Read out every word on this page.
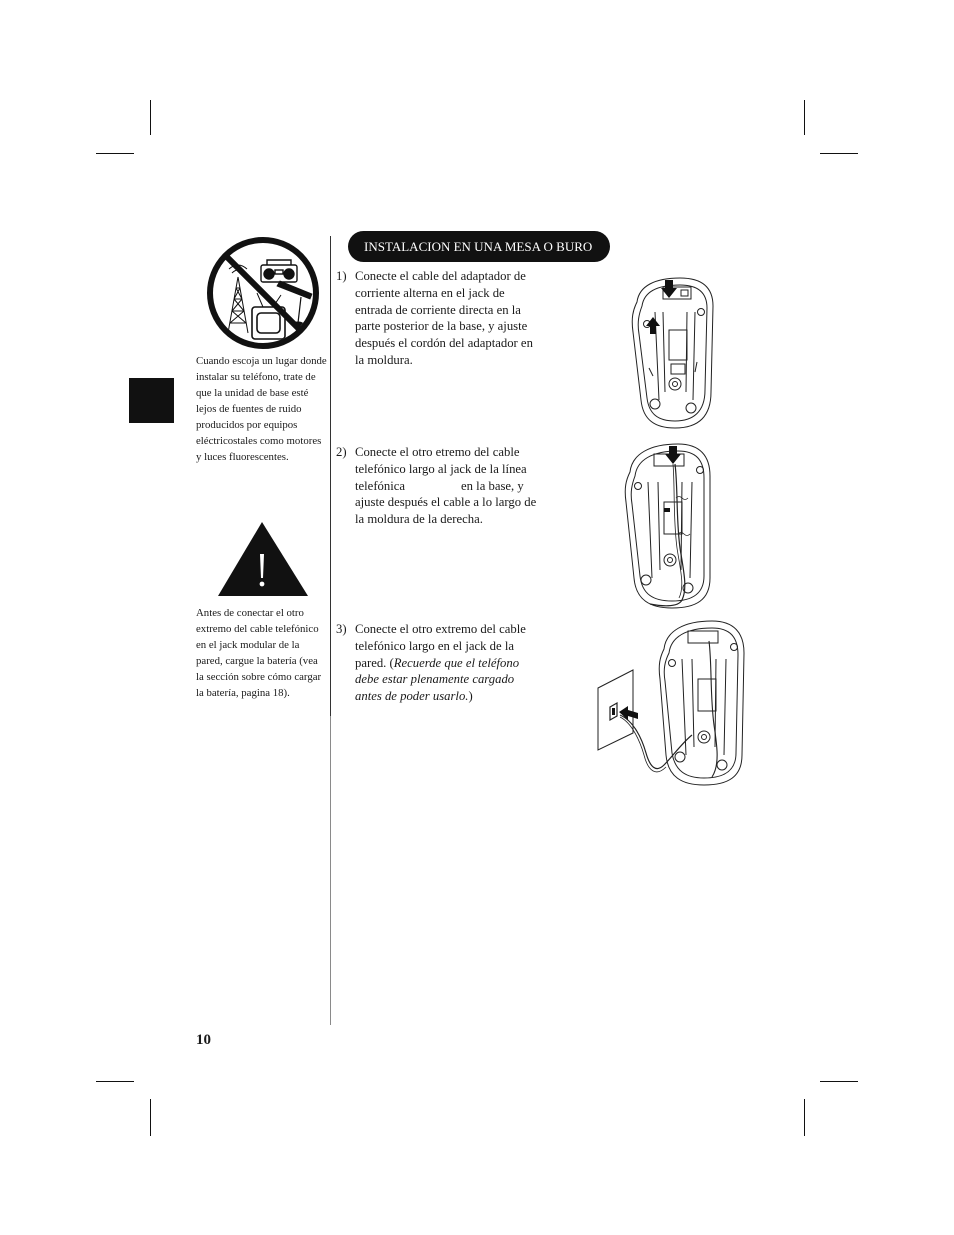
Cuando escoja un lugar donde
instalar su teléfono, trate de
que la unidad de base esté
lejos de fuentes de ruido
producidos por equipos
eléctricostales como motores
y luces fluorescentes.
Antes de conectar el otro
extremo del cable telefónico
en el jack modular de la
pared, cargue la batería (vea
la sección sobre cómo cargar
la batería, pagina 18).
INSTALACION EN UNA MESA O BURO
1) Conecte el cable del adaptador de
corriente alterna en el jack de
entrada de corriente directa en la
parte posterior de la base, y ajuste
después el cordón del adaptador en
la moldura.
2) Conecte el otro etremo del cable
telefónico largo al jack de la línea
telefónica	en la base, y
ajuste después el cable a lo largo de
la moldura de la derecha.
3) Conecte el otro extremo del cable
telefónico largo en el jack de la
pared. (Recuerde que el teléfono
debe estar plenamente cargado
antes de poder usarlo.)
10
